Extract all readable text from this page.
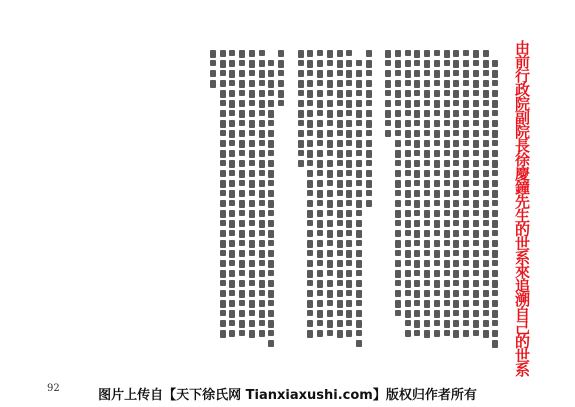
由前行政院副院長徐慶鐘先生的世系來追溯自己的世系
92	图片上传自【天下徐氏网 Tianxiaxushi.com】版权归作者所有
